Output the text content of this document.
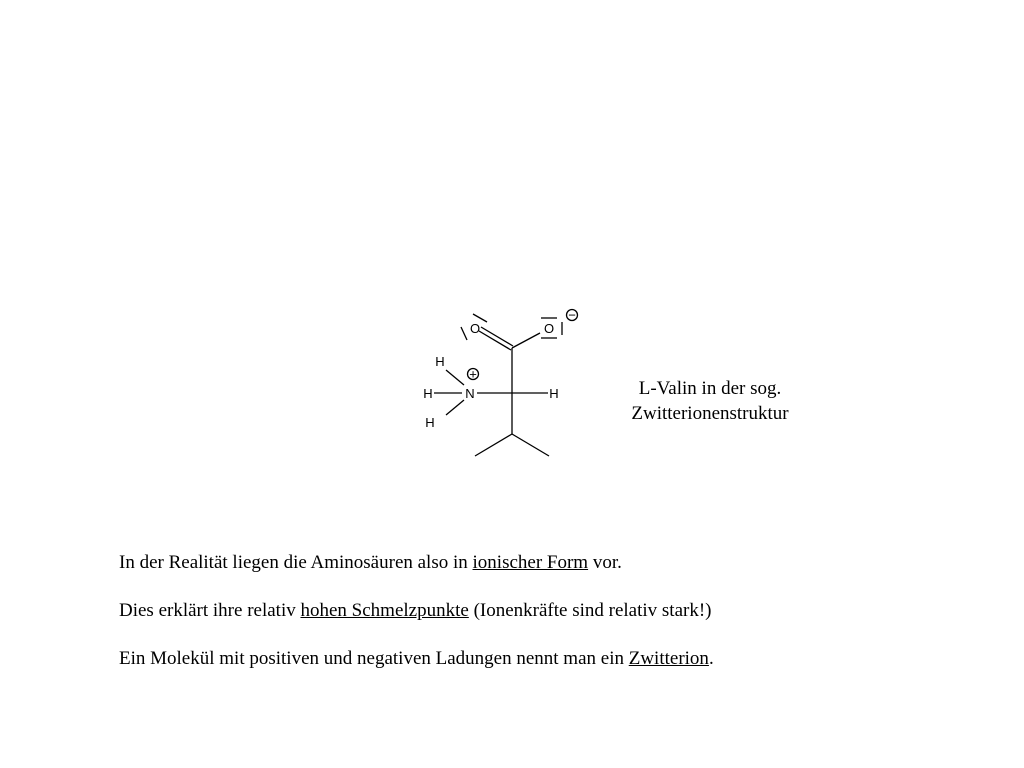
−
+
O	O
N
H
H
H
H	L-Valin in der sog.
Zwitterionenstruktur
In der Realität liegen die Aminosäuren also in ionischer Form vor.
Dies erklärt ihre relativ hohen Schmelzpunkte (Ionenkräfte sind relativ stark!)
Ein Molekül mit positiven und negativen Ladungen nennt man ein Zwitterion.
